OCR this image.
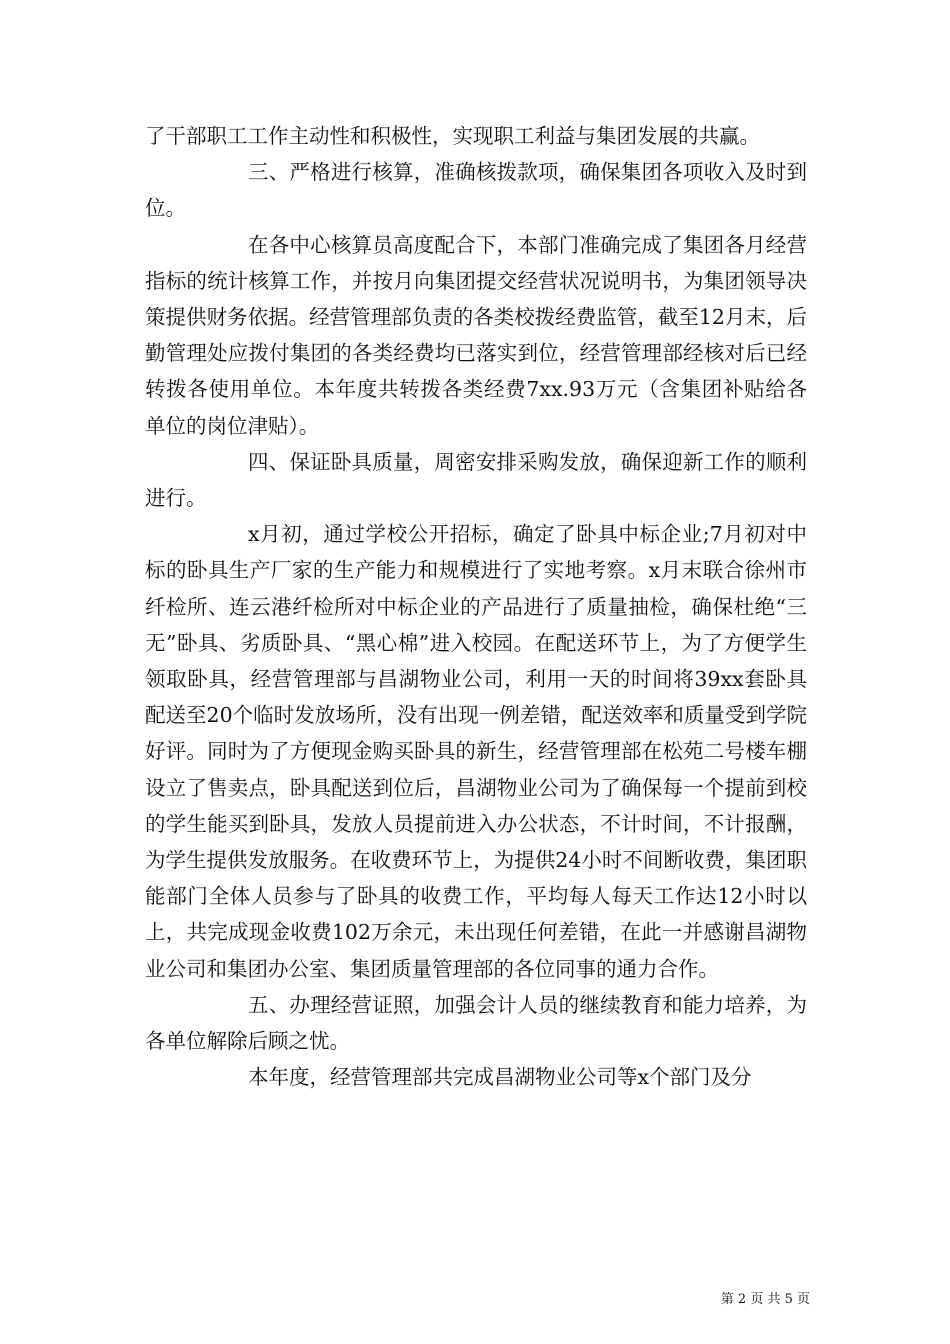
了干部职工工作主动性和积极性，实现职工利益与集团发展的共赢。

三、严格进行核算，准确核拨款项，确保集团各项收入及时到位。

在各中心核算员高度配合下，本部门准确完成了集团各月经营指标的统计核算工作，并按月向集团提交经营状况说明书，为集团领导决策提供财务依据。经营管理部负责的各类校拨经费监管，截至12月末，后勤管理处应拨付集团的各类经费均已落实到位，经营管理部经核对后已经转拨各使用单位。本年度共转拨各类经费7xx.93万元（含集团补贴给各单位的岗位津贴）。

四、保证卧具质量，周密安排采购发放，确保迎新工作的顺利进行。

x月初，通过学校公开招标，确定了卧具中标企业;7月初对中标的卧具生产厂家的生产能力和规模进行了实地考察。x月末联合徐州市纤检所、连云港纤检所对中标企业的产品进行了质量抽检，确保杜绝“三无”卧具、劣质卧具、“黑心棉”进入校园。在配送环节上，为了方便学生领取卧具，经营管理部与昌湖物业公司，利用一天的时间将39xx套卧具配送至20个临时发放场所，没有出现一例差错，配送效率和质量受到学院好评。同时为了方便现金购买卧具的新生，经营管理部在松苑二号楼车棚设立了售卖点，卧具配送到位后，昌湖物业公司为了确保每一个提前到校的学生能买到卧具，发放人员提前进入办公状态，不计时间，不计报酬，为学生提供发放服务。在收费环节上，为提供24小时不间断收费，集团职能部门全体人员参与了卧具的收费工作，平均每人每天工作达12小时以上，共完成现金收费102万余元，未出现任何差错，在此一并感谢昌湖物业公司和集团办公室、集团质量管理部的各位同事的通力合作。

五、办理经营证照，加强会计人员的继续教育和能力培养，为各单位解除后顾之忧。

本年度，经营管理部共完成昌湖物业公司等x个部门及分

第 2 页 共 5 页
